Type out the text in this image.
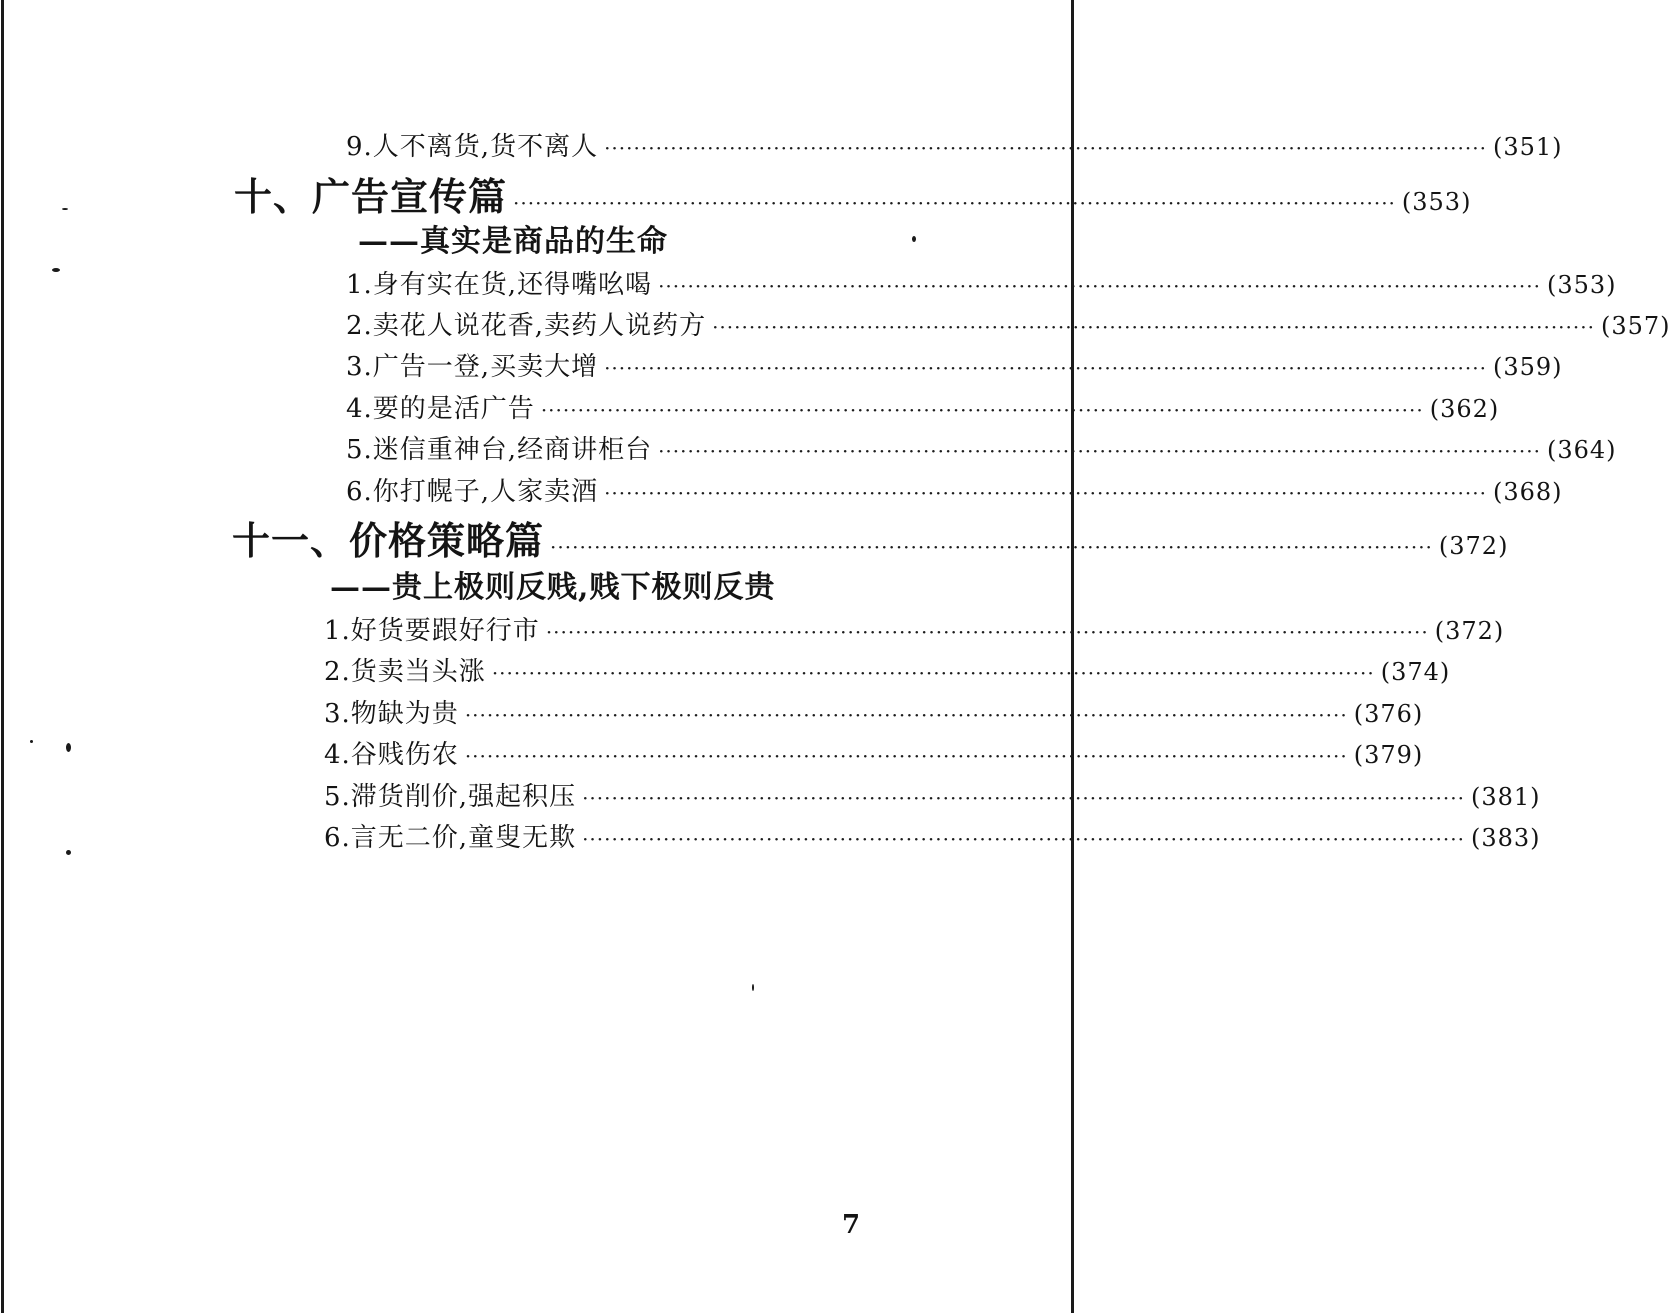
9.人不离货,货不离人 ························································································································ (351)
十、广告宣传篇 ························································································································ (353)
——真实是商品的生命
1.身有实在货,还得嘴吆喝 ························································································································ (353)
2.卖花人说花香,卖药人说药方 ························································································································ (357)
3.广告一登,买卖大增 ························································································································ (359)
4.要的是活广告 ························································································································ (362)
5.迷信重神台,经商讲柜台 ························································································································ (364)
6.你打幌子,人家卖酒 ························································································································ (368)
十一、价格策略篇 ························································································································ (372)
——贵上极则反贱,贱下极则反贵
1.好货要跟好行市 ························································································································ (372)
2.货卖当头涨 ························································································································ (374)
3.物缺为贵 ························································································································ (376)
4.谷贱伤农 ························································································································ (379)
5.滞货削价,强起积压 ························································································································ (381)
6.言无二价,童叟无欺 ························································································································ (383)
7
